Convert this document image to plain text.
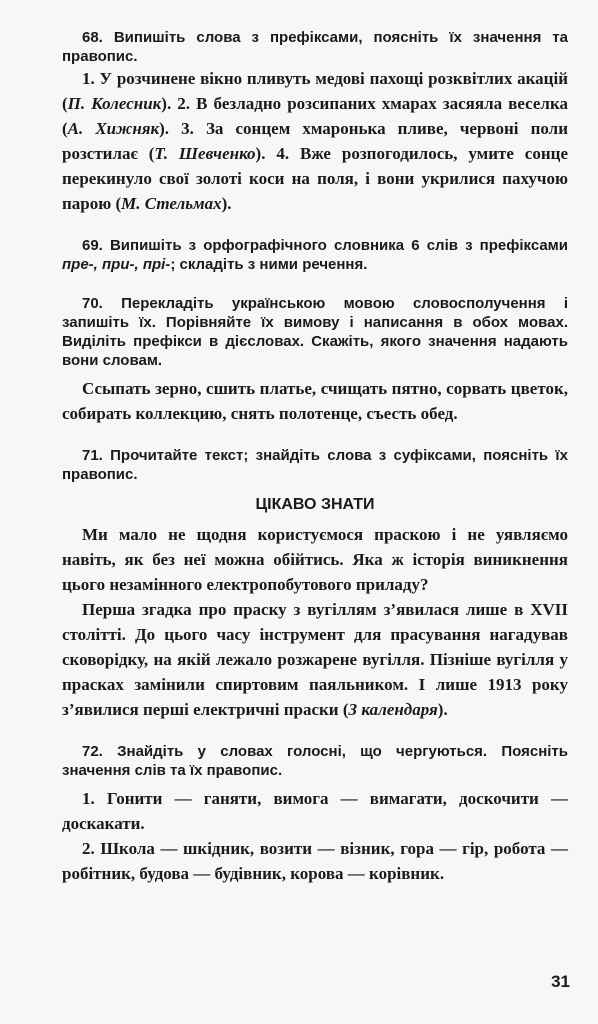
68. Випишіть слова з префіксами, поясніть їх значення та правопис.

1. У розчинене вікно пливуть медові пахощі розквітлих акацій (П. Колесник). 2. В безладно розсипаних хмарах засяяла веселка (А. Хижняк). 3. За сонцем хмаронька пливе, червоні поли розстилає (Т. Шевченко). 4. Вже розпогодилось, умите сонце перекинуло свої золоті коси на поля, і вони укрилися пахучою парою (М. Стельмах).

69. Випишіть з орфографічного словника 6 слів з префіксами пре-, при-, прі-; складіть з ними речення.

70. Перекладіть українською мовою словосполучення і запишіть їх. Порівняйте їх вимову і написання в обох мовах. Виділіть префікси в дієсловах. Скажіть, якого значення надають вони словам.

Ссыпать зерно, сшить платье, счищать пятно, сорвать цветок, собирать коллекцию, снять полотенце, съесть обед.

71. Прочитайте текст; знайдіть слова з суфіксами, поясніть їх правопис.

ЦІКАВО ЗНАТИ

Ми мало не щодня користуємося праскою і не уявляємо навіть, як без неї можна обійтись. Яка ж історія виникнення цього незамінного електропобутового приладу?

Перша згадка про праску з вугіллям з’явилася лише в XVII столітті. До цього часу інструмент для прасування нагадував сковорідку, на якій лежало розжарене вугілля. Пізніше вугілля у прасках замінили спиртовим паяльником. І лише 1913 року з’явилися перші електричні праски (З календаря).

72. Знайдіть у словах голосні, що чергуються. Поясніть значення слів та їх правопис.

1. Гонити — ганяти, вимога — вимагати, доскочити — доскакати.

2. Школа — шкідник, возити — візник, гора — гір, робота — робітник, будова — будівник, корова — корівник.

31
